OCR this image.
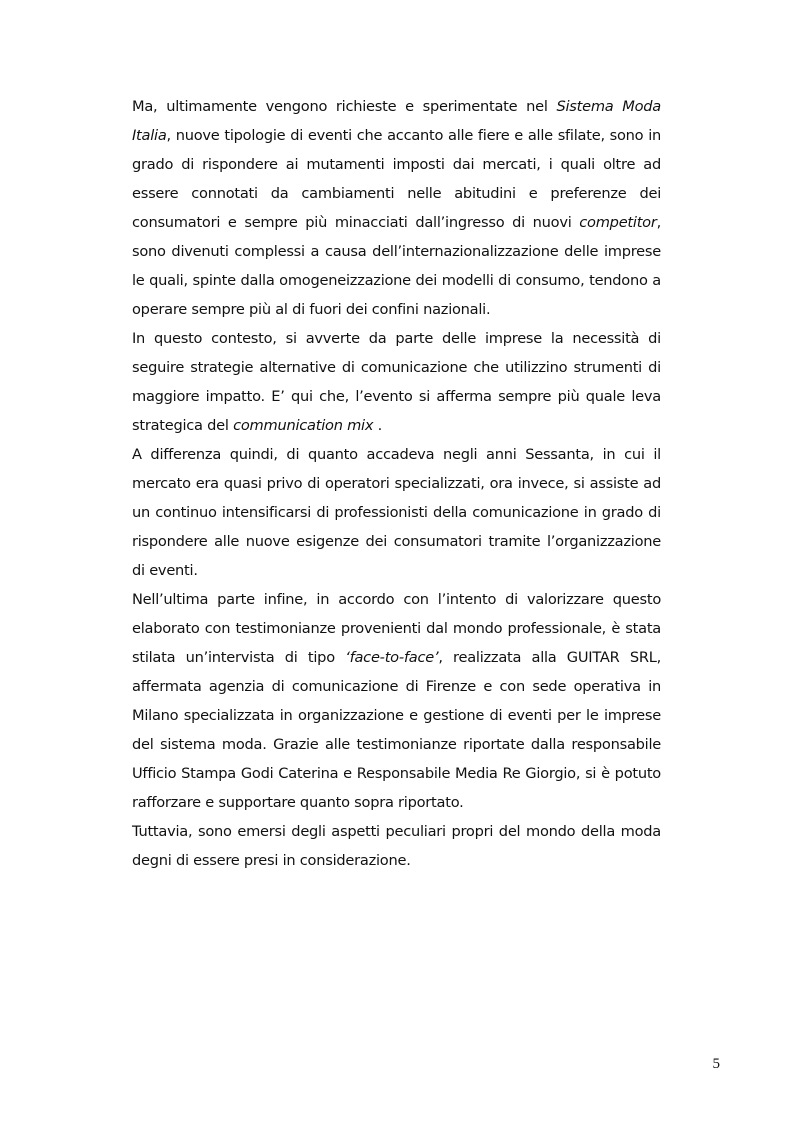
Ma, ultimamente vengono richieste e sperimentate nel Sistema Moda Italia, nuove tipologie di eventi che accanto alle fiere e alle sfilate, sono in grado di rispondere ai mutamenti imposti dai mercati, i quali oltre ad essere connotati da cambiamenti nelle abitudini e preferenze dei consumatori e sempre più minacciati dall’ingresso di nuovi competitor, sono divenuti complessi a causa dell’internazionalizzazione delle imprese le quali, spinte dalla omogeneizzazione dei modelli di consumo, tendono a operare sempre più al di fuori dei confini nazionali.

In questo contesto, si avverte da parte delle imprese la necessità di seguire strategie alternative di comunicazione che utilizzino strumenti di maggiore impatto. E’ qui che, l’evento si afferma sempre più quale leva strategica del communication mix .

A differenza quindi, di quanto accadeva negli anni Sessanta, in cui il mercato era quasi privo di operatori specializzati, ora invece, si assiste ad un continuo intensificarsi di professionisti della comunicazione in grado di rispondere alle nuove esigenze dei consumatori tramite l’organizzazione di eventi.

Nell’ultima parte infine, in accordo con l’intento di valorizzare questo elaborato con testimonianze provenienti dal mondo professionale, è stata stilata un’intervista di tipo ‘face-to-face’, realizzata alla GUITAR SRL, affermata agenzia di comunicazione di Firenze e con sede operativa in Milano specializzata in organizzazione e gestione di eventi per le imprese del sistema moda. Grazie alle testimonianze riportate dalla responsabile Ufficio Stampa Godi Caterina e Responsabile Media Re Giorgio, si è potuto rafforzare e supportare quanto sopra riportato.

Tuttavia, sono emersi degli aspetti peculiari propri del mondo della moda degni di essere presi in considerazione.

5
